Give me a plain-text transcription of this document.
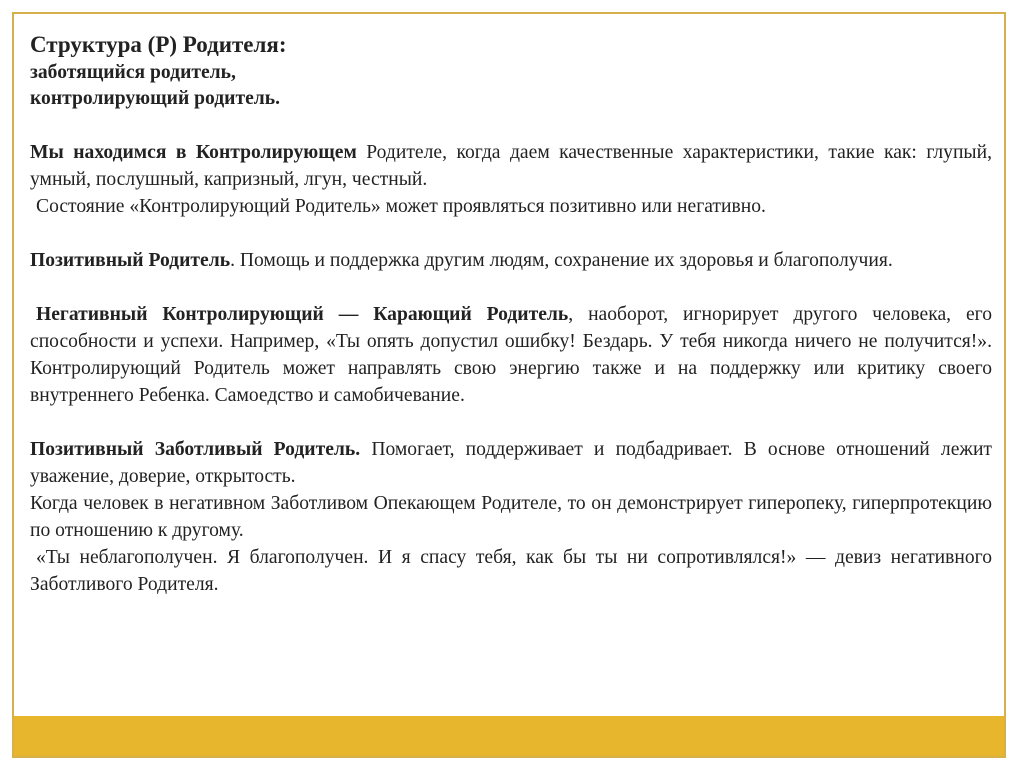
Структура (Р) Родителя:
заботящийся родитель,
контролирующий родитель.

Мы находимся в Контролирующем Родителе, когда даем качественные характеристики, такие как: глупый, умный, послушный, капризный, лгун, честный.

Состояние «Контролирующий Родитель» может проявляться позитивно или негативно.

Позитивный Родитель. Помощь и поддержка другим людям, сохранение их здоровья и благополучия.

Негативный Контролирующий — Карающий Родитель, наоборот, игнорирует другого человека, его способности и успехи. Например, «Ты опять допустил ошибку! Бездарь. У тебя никогда ничего не получится!». Контролирующий Родитель может направлять свою энергию также и на поддержку или критику своего внутреннего Ребенка. Самоедство и самобичевание.

Позитивный Заботливый Родитель. Помогает, поддерживает и подбадривает. В основе отношений лежит уважение, доверие, открытость.

Когда человек в негативном Заботливом Опекающем Родителе, то он демонстрирует гиперопеку, гиперпротекцию по отношению к другому.

«Ты неблагополучен. Я благополучен. И я спасу тебя, как бы ты ни сопротивлялся!» — девиз негативного Заботливого Родителя.
